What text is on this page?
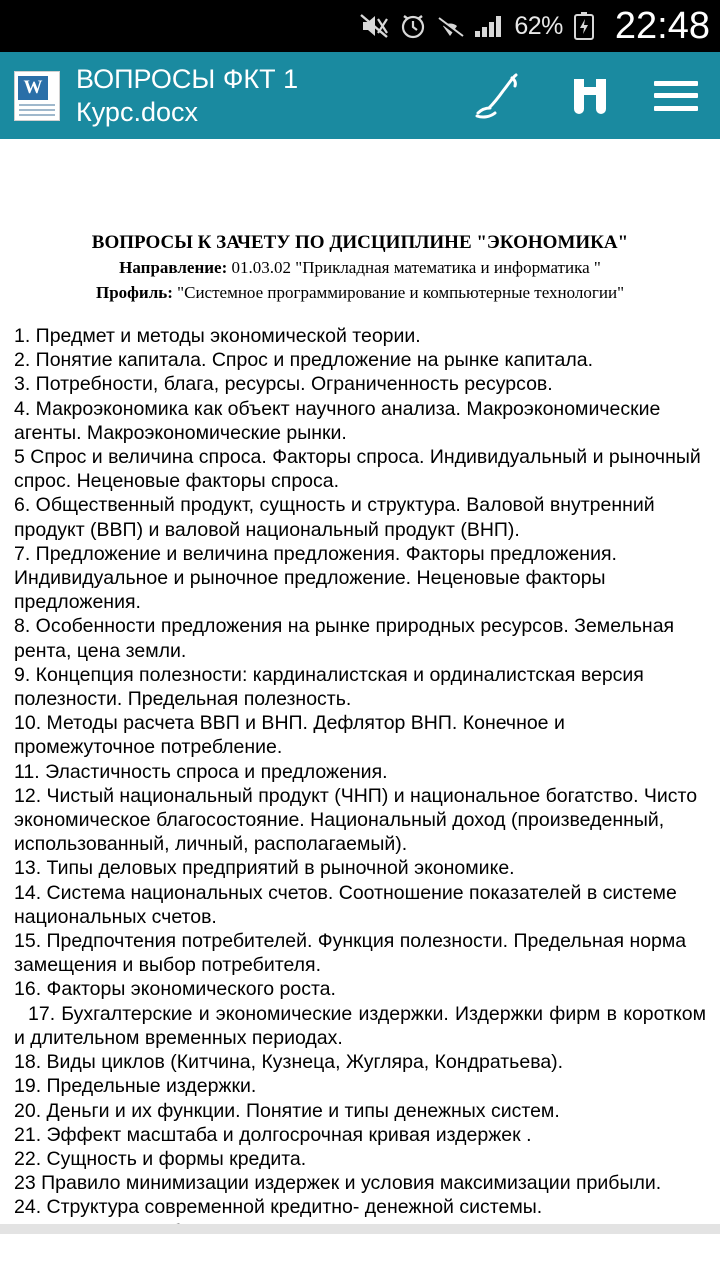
62% 22:48
W ВОПРОСЫ ФКТ 1
Курс.docx
ВОПРОСЫ К ЗАЧЕТУ ПО ДИСЦИПЛИНЕ "ЭКОНОМИКА"
Направление: 01.03.02 "Прикладная математика и информатика "
Профиль: "Системное программирование и компьютерные технологии"

1. Предмет и методы экономической теории.

2. Понятие капитала. Спрос и предложение на рынке капитала.

3. Потребности, блага, ресурсы. Ограниченность ресурсов.

4. Макроэкономика как объект научного анализа. Макроэкономические агенты. Макроэкономические рынки.

5 Спрос и величина спроса. Факторы спроса. Индивидуальный и рыночный спрос. Неценовые факторы спроса.

6. Общественный продукт, сущность и структура. Валовой внутренний продукт (ВВП) и валовой национальный продукт (ВНП).

7. Предложение и величина предложения. Факторы предложения. Индивидуальное и рыночное предложение. Неценовые факторы предложения.

8. Особенности предложения на рынке природных ресурсов. Земельная рента, цена земли.

9. Концепция полезности: кардиналистская и ординалистская версия полезности. Предельная полезность.

10. Методы расчета ВВП и ВНП. Дефлятор ВНП. Конечное и промежуточное потребление.

11. Эластичность спроса и предложения.

12. Чистый национальный продукт (ЧНП) и национальное богатство. Чисто экономическое благосостояние. Национальный доход (произведенный, использованный, личный, располагаемый).

13. Типы деловых предприятий в рыночной экономике.

14. Система национальных счетов. Соотношение показателей в системе национальных счетов.

15. Предпочтения потребителей. Функция полезности. Предельная норма замещения и выбор потребителя.

16. Факторы экономического роста.

17. Бухгалтерские и экономические издержки. Издержки фирм в коротком и длительном временных периодах.

18. Виды циклов (Китчина, Кузнеца, Жугляра, Кондратьева).

19. Предельные издержки.

20. Деньги и их функции. Понятие и типы денежных систем.

21. Эффект масштаба и долгосрочная кривая издержек .

22. Сущность и формы кредита.

23 Правило минимизации издержек и условия максимизации прибыли.

24. Структура современной кредитно- денежной системы.
